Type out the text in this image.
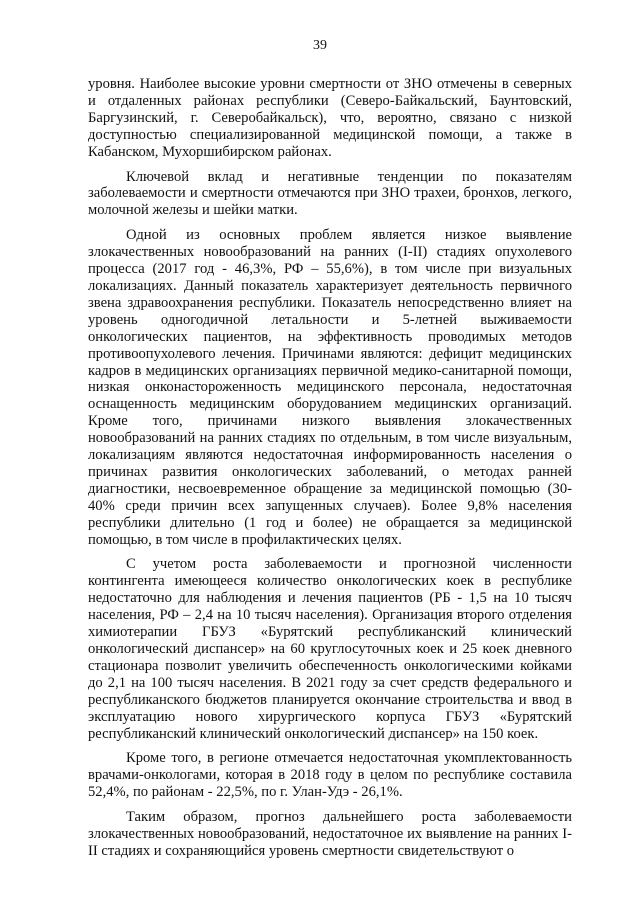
39

уровня. Наиболее высокие уровни смертности от ЗНО отмечены в северных и отдаленных районах республики (Северо-Байкальский, Баунтовский, Баргузинский, г. Северобайкальск), что, вероятно, связано с низкой доступностью специализированной медицинской помощи, а также в Кабанском, Мухоршибирском районах.

Ключевой вклад и негативные тенденции по показателям заболеваемости и смертности отмечаются при ЗНО трахеи, бронхов, легкого, молочной железы и шейки матки.

Одной из основных проблем является низкое выявление злокачественных новообразований на ранних (I-II) стадиях опухолевого процесса (2017 год - 46,3%, РФ – 55,6%), в том числе при визуальных локализациях. Данный показатель характеризует деятельность первичного звена здравоохранения республики. Показатель непосредственно влияет на уровень одногодичной летальности и 5-летней выживаемости онкологических пациентов, на эффективность проводимых методов противоопухолевого лечения. Причинами являются: дефицит медицинских кадров в медицинских организациях первичной медико-санитарной помощи, низкая онконастороженность медицинского персонала, недостаточная оснащенность медицинским оборудованием медицинских организаций. Кроме того, причинами низкого выявления злокачественных новообразований на ранних стадиях по отдельным, в том числе визуальным, локализациям являются недостаточная информированность населения о причинах развития онкологических заболеваний, о методах ранней диагностики, несвоевременное обращение за медицинской помощью (30-40% среди причин всех запущенных случаев). Более 9,8% населения республики длительно (1 год и более) не обращается за медицинской помощью, в том числе в профилактических целях.

С учетом роста заболеваемости и прогнозной численности контингента имеющееся количество онкологических коек в республике недостаточно для наблюдения и лечения пациентов (РБ - 1,5 на 10 тысяч населения, РФ – 2,4 на 10 тысяч населения). Организация второго отделения химиотерапии ГБУЗ «Бурятский республиканский клинический онкологический диспансер» на 60 круглосуточных коек и 25 коек дневного стационара позволит увеличить обеспеченность онкологическими койками до 2,1 на 100 тысяч населения. В 2021 году за счет средств федерального и республиканского бюджетов планируется окончание строительства и ввод в эксплуатацию нового хирургического корпуса ГБУЗ «Бурятский республиканский клинический онкологический диспансер» на 150 коек.

Кроме того, в регионе отмечается недостаточная укомплектованность врачами-онкологами, которая в 2018 году в целом по республике составила 52,4%, по районам - 22,5%, по г. Улан-Удэ - 26,1%.

Таким образом, прогноз дальнейшего роста заболеваемости злокачественных новообразований, недостаточное их выявление на ранних I-II стадиях и сохраняющийся уровень смертности свидетельствуют о
